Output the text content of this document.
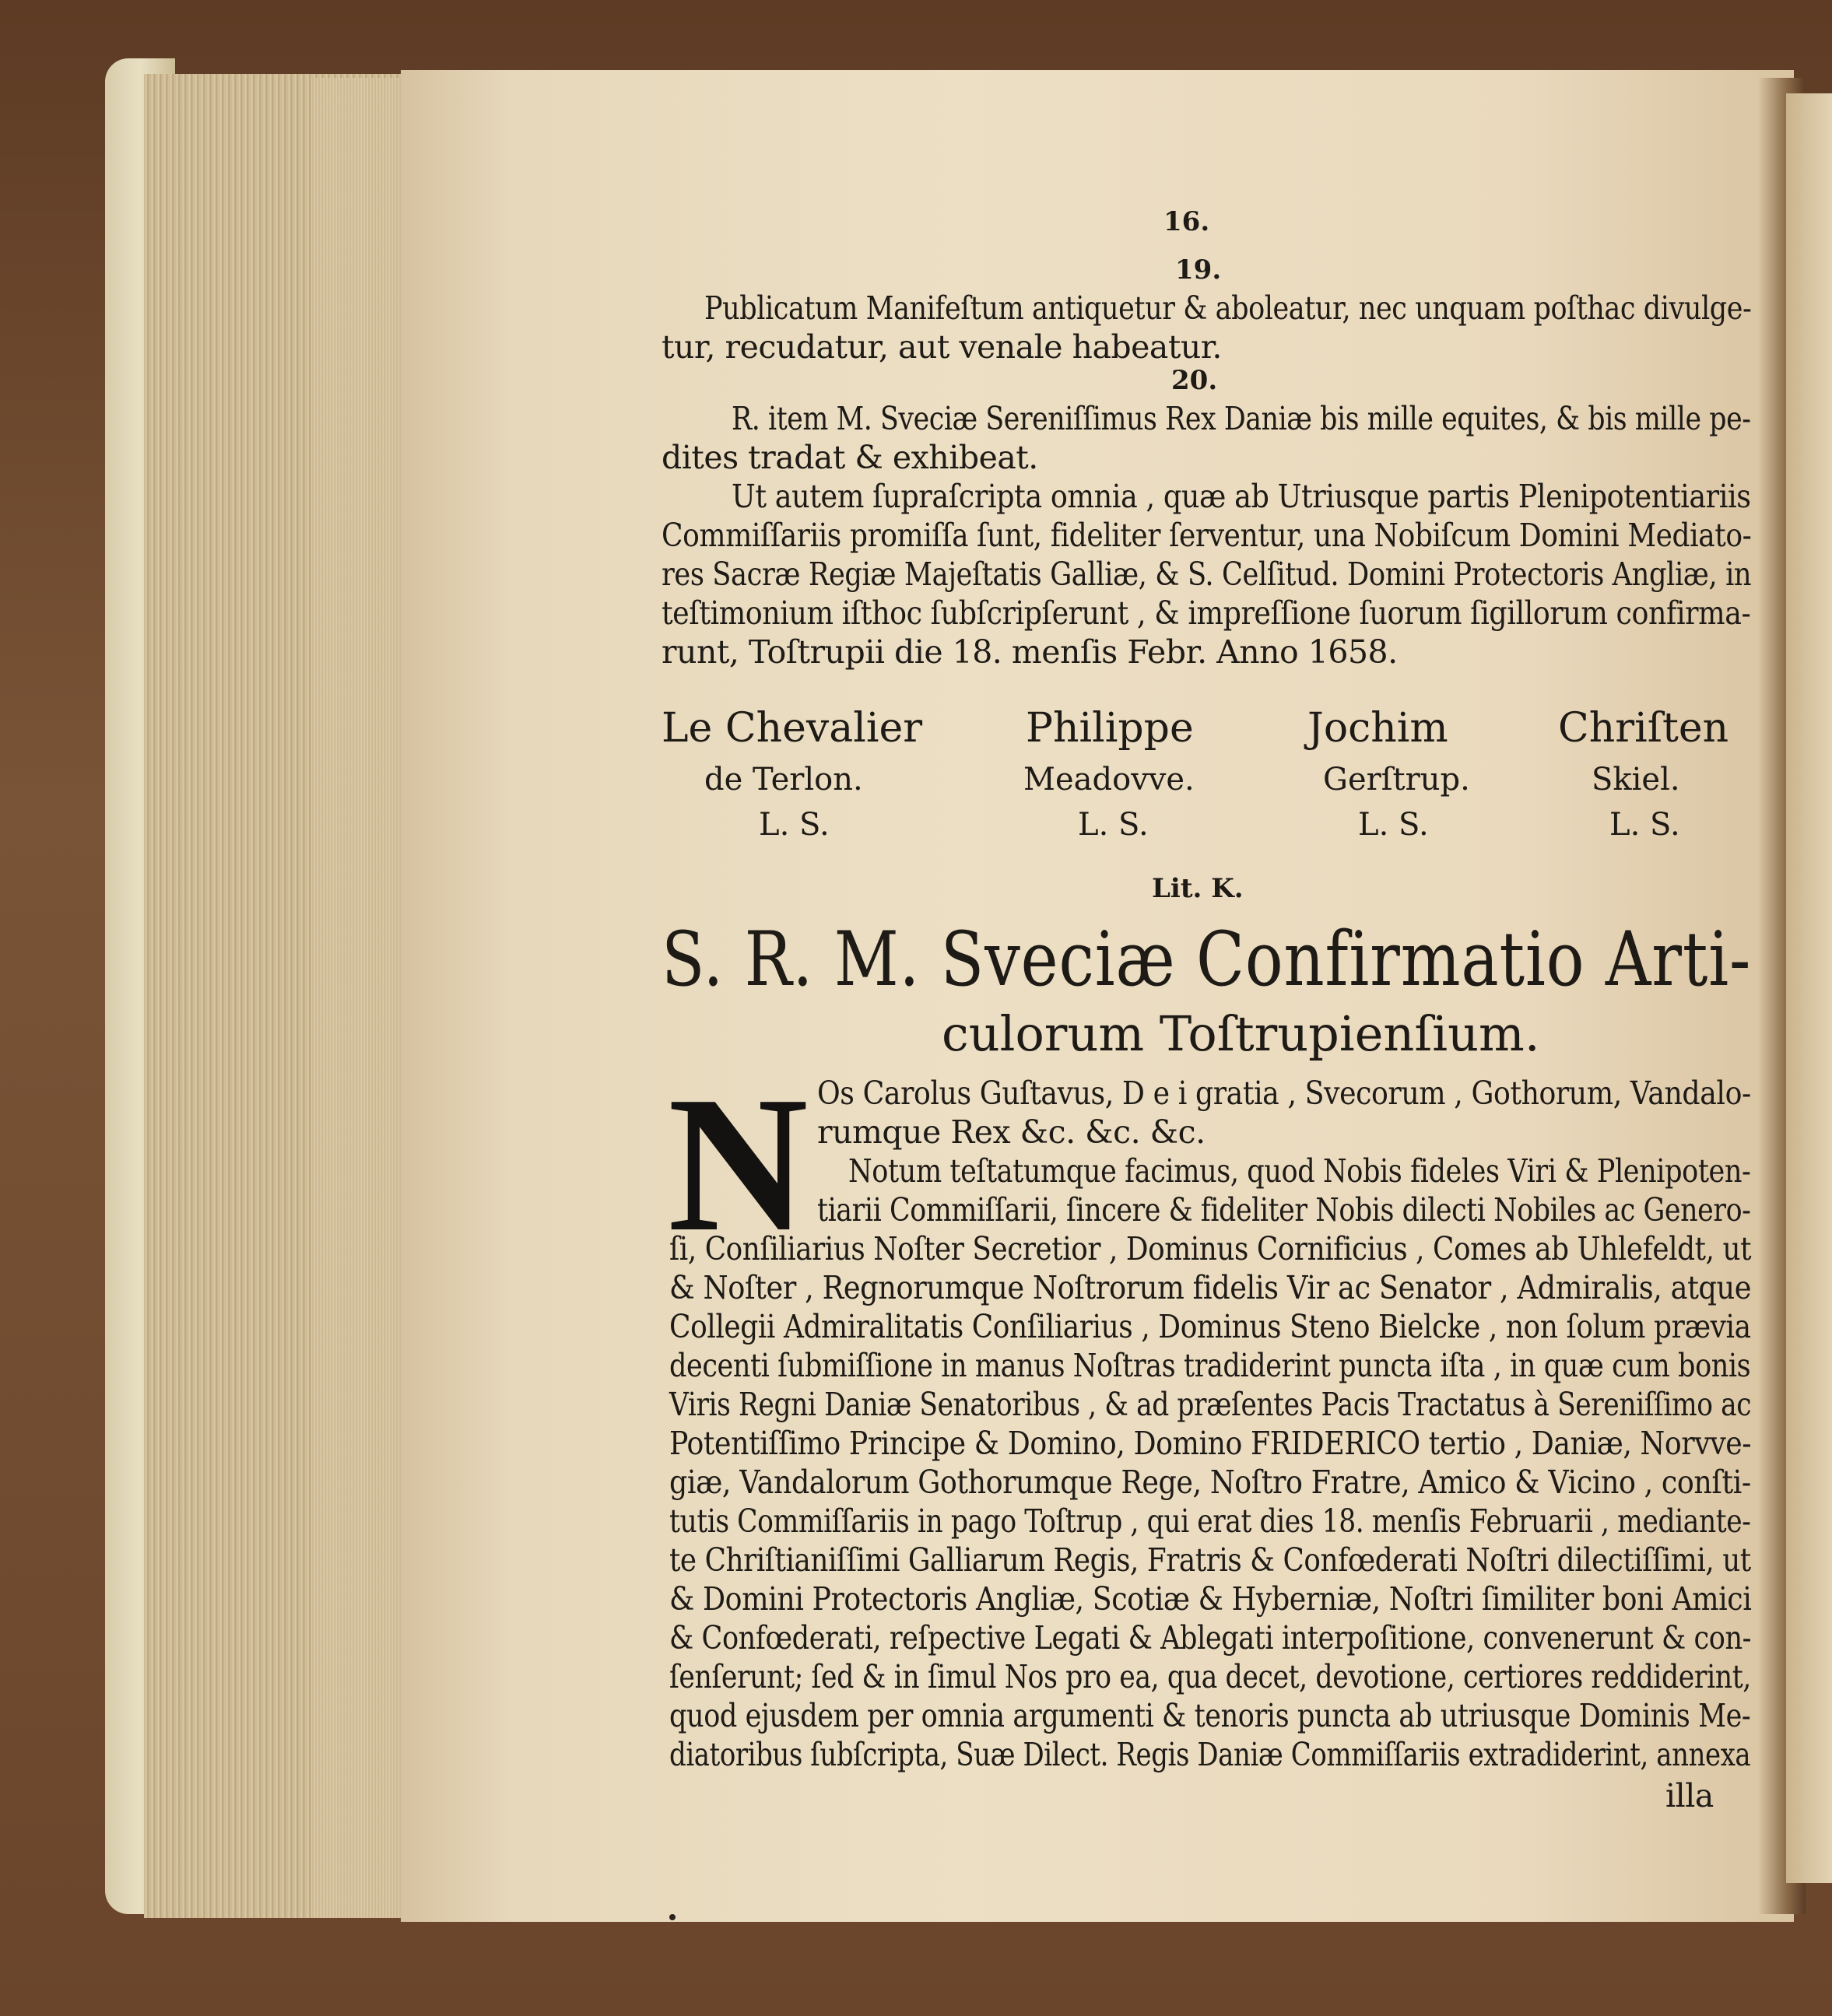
16.
19.
Publicatum Manifeſtum antiquetur & aboleatur, nec unquam poſthac divulge-
tur, recudatur, aut venale habeatur.
20.
R. item M. Sveciæ Sereniſſimus Rex Daniæ bis mille equites, & bis mille pe-
dites tradat & exhibeat.
Ut autem ſupraſcripta omnia , quæ ab Utriusque partis Plenipotentiariis
Commiſſariis promiſſa ſunt, fideliter ſerventur, una Nobiſcum Domini Mediato-
res Sacræ Regiæ Majeſtatis Galliæ, & S. Celſitud. Domini Protectoris Angliæ, in
teſtimonium iſthoc ſubſcripſerunt , & impreſſione ſuorum ſigillorum confirma-
runt, Toſtrupii die 18. menſis Febr. Anno 1658.
Le Chevalier
de Terlon.
L. S.
Philippe
Meadovve.
L. S.
Jochim
Gerſtrup.
L. S.
Chriſten
Skiel.
L. S.
Lit. K.
S. R. M. Sveciæ Confirmatio Arti-
culorum Toſtrupienſium.
N Os Carolus Guſtavus, D e i gratia , Svecorum , Gothorum, Vandalo-
rumque Rex &c. &c. &c.
Notum teſtatumque facimus, quod Nobis fideles Viri & Plenipoten-
tiarii Commiſſarii, ſincere & fideliter Nobis dilecti Nobiles ac Genero-
ſi, Conſiliarius Noſter Secretior , Dominus Cornificius , Comes ab Uhlefeldt, ut
& Noſter , Regnorumque Noſtrorum fidelis Vir ac Senator , Admiralis, atque
Collegii Admiralitatis Conſiliarius , Dominus Steno Bielcke , non ſolum prævia
decenti ſubmiſſione in manus Noſtras tradiderint puncta iſta , in quæ cum bonis
Viris Regni Daniæ Senatoribus , & ad præſentes Pacis Tractatus à Sereniſſimo ac
Potentiſſimo Principe & Domino, Domino FRIDERICO tertio , Daniæ, Norvve-
giæ, Vandalorum Gothorumque Rege, Noſtro Fratre, Amico & Vicino , conſti-
tutis Commiſſariis in pago Toſtrup , qui erat dies 18. menſis Februarii , mediante-
te Chriſtianiſſimi Galliarum Regis, Fratris & Confœderati Noſtri dilectiſſimi, ut
& Domini Protectoris Angliæ, Scotiæ & Hyberniæ, Noſtri ſimiliter boni Amici
& Confœderati, reſpective Legati & Ablegati interpoſitione, convenerunt & con-
ſenſerunt; ſed & in ſimul Nos pro ea, qua decet, devotione, certiores reddiderint,
quod ejusdem per omnia argumenti & tenoris puncta ab utriusque Dominis Me-
diatoribus ſubſcripta, Suæ Dilect. Regis Daniæ Commiſſariis extradiderint, annexa
illa
